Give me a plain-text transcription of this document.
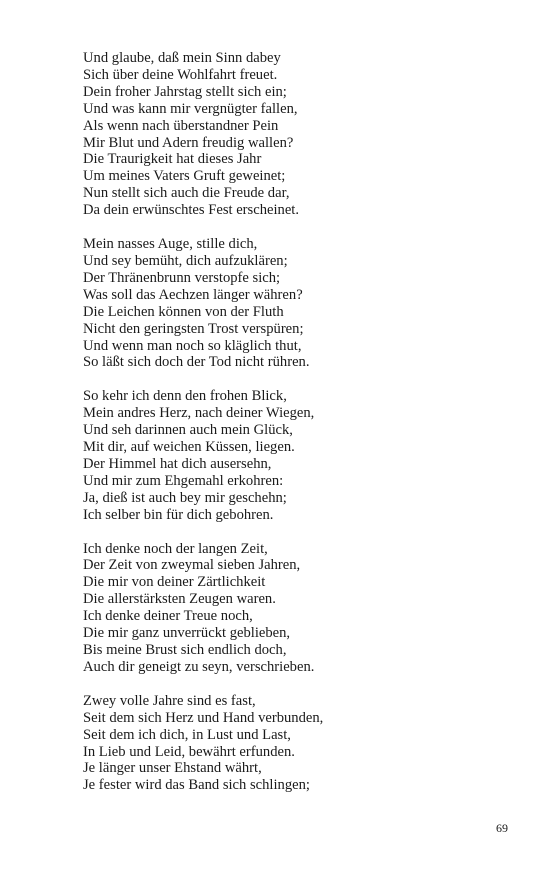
Und glaube, daß mein Sinn dabey

Sich über deine Wohlfahrt freuet.

Dein froher Jahrstag stellt sich ein;

Und was kann mir vergnügter fallen,

Als wenn nach überstandner Pein

Mir Blut und Adern freudig wallen?

Die Traurigkeit hat dieses Jahr

Um meines Vaters Gruft geweinet;

Nun stellt sich auch die Freude dar,

Da dein erwünschtes Fest erscheinet.

Mein nasses Auge, stille dich,

Und sey bemüht, dich aufzuklären;

Der Thränenbrunn verstopfe sich;

Was soll das Aechzen länger währen?

Die Leichen können von der Fluth

Nicht den geringsten Trost verspüren;

Und wenn man noch so kläglich thut,

So läßt sich doch der Tod nicht rühren.

So kehr ich denn den frohen Blick,

Mein andres Herz, nach deiner Wiegen,

Und seh darinnen auch mein Glück,

Mit dir, auf weichen Küssen, liegen.

Der Himmel hat dich ausersehn,

Und mir zum Ehgemahl erkohren:

Ja, dieß ist auch bey mir geschehn;

Ich selber bin für dich gebohren.

Ich denke noch der langen Zeit,

Der Zeit von zweymal sieben Jahren,

Die mir von deiner Zärtlichkeit

Die allerstärksten Zeugen waren.

Ich denke deiner Treue noch,

Die mir ganz unverrückt geblieben,

Bis meine Brust sich endlich doch,

Auch dir geneigt zu seyn, verschrieben.

Zwey volle Jahre sind es fast,

Seit dem sich Herz und Hand verbunden,

Seit dem ich dich, in Lust und Last,

In Lieb und Leid, bewährt erfunden.

Je länger unser Ehstand währt,

Je fester wird das Band sich schlingen;

69
